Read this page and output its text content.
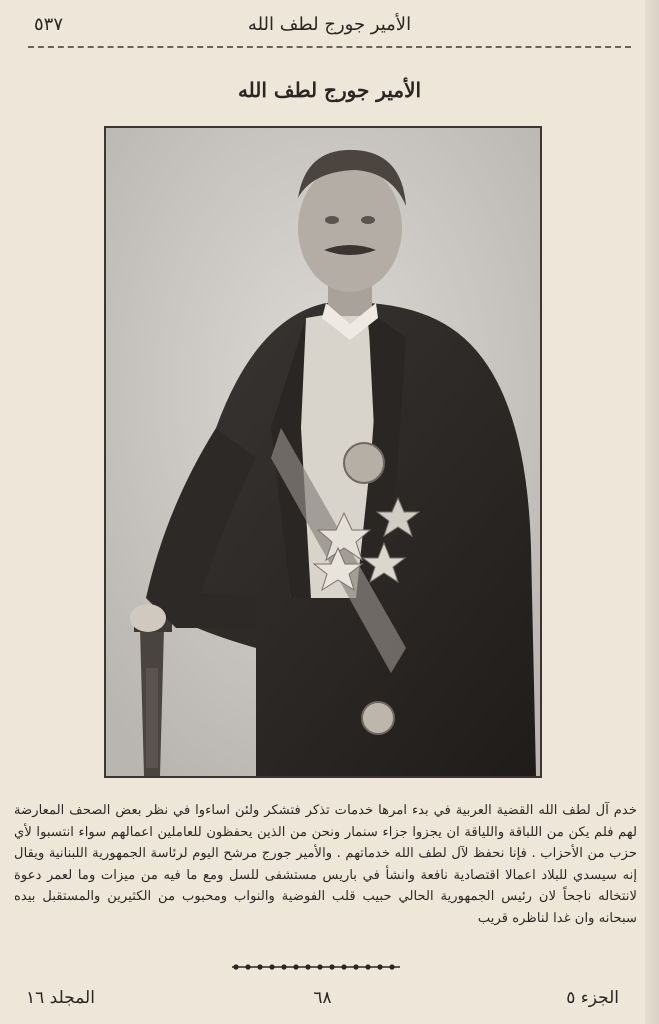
الأمير جورج لطف الله
٥٣٧
الأمير جورج لطف الله

خدم آل لطف الله القضية العربية في بدء امرها خدمات تذكر فتشكر ولئن اساءوا في نظر بعض الصحف المعارضة لهم فلم يكن من اللباقة واللياقة ان يجزوا جزاء سنمار ونحن من الذين يحفظون للعاملين اعمالهم سواء انتسبوا لأي حزب من الأحزاب . فإنا نحفظ لآل لطف الله خدماتهم . والأمير جورج مرشح اليوم لرئاسة الجمهورية اللبنانية ويقال إنه سيسدي للبلاد اعمالا اقتصادية نافعة وانشأ في باريس مستشفى للسل ومع ما فيه من ميزات وما لعمر دعوة لانتخاله ناجحاً لان رئيس الجمهورية الحالي حبيب قلب الفوضية والنواب ومحبوب من الكثيرين والمستقبل بيده سبحانه وان غدا لناظره قريب

الجزء ٥
٦٨
المجلد ١٦
